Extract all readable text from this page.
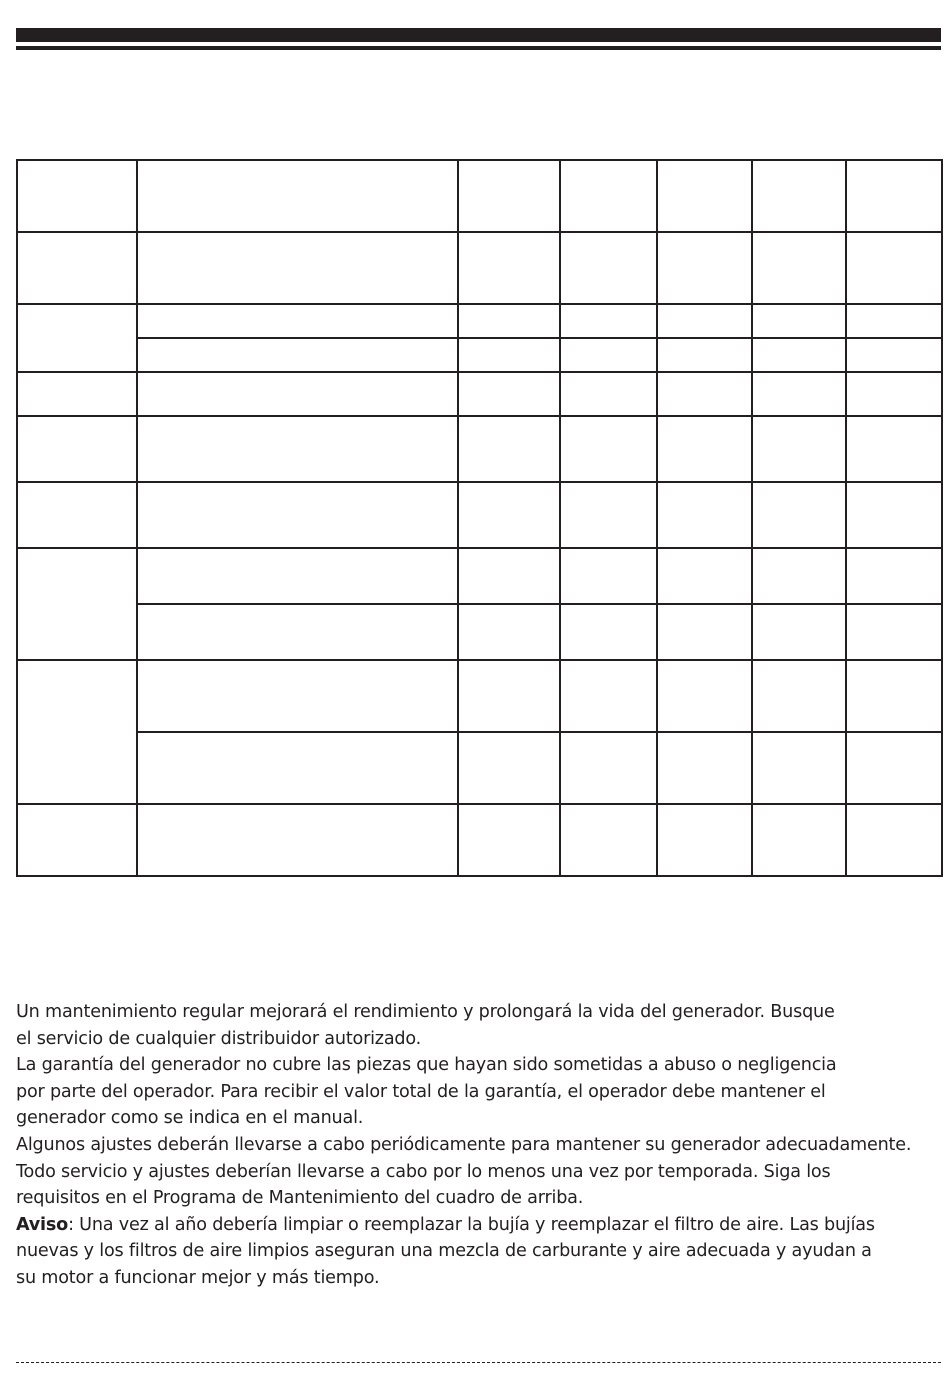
Un mantenimiento regular mejorará el rendimiento y prolongará la vida del generador. Busque

el servicio de cualquier distribuidor autorizado.

La garantía del generador no cubre las piezas que hayan sido sometidas a abuso o negligencia

por parte del operador. Para recibir el valor total de la garantía, el operador debe mantener el

generador como se indica en el manual.

Algunos ajustes deberán llevarse a cabo periódicamente para mantener su generador adecuadamente.

Todo servicio y ajustes deberían llevarse a cabo por lo menos una vez por temporada. Siga los

requisitos en el Programa de Mantenimiento del cuadro de arriba.

Aviso: Una vez al año debería limpiar o reemplazar la bujía y reemplazar el filtro de aire. Las bujías

nuevas y los filtros de aire limpios aseguran una mezcla de carburante y aire adecuada y ayudan a

su motor a funcionar mejor y más tiempo.
